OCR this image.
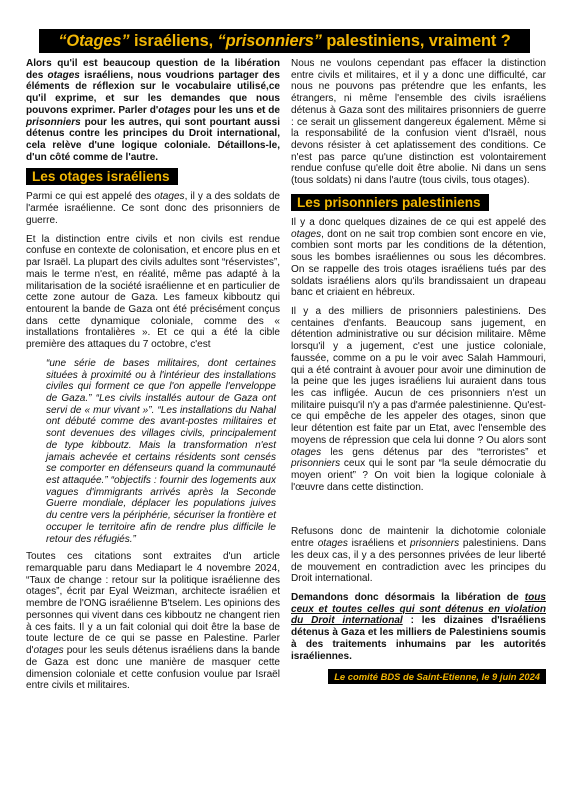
“Otages” israéliens, “prisonniers” palestiniens, vraiment ?

Alors qu'il est beaucoup question de la libération des otages israéliens, nous voudrions partager des éléments de réflexion sur le vocabulaire utilisé,ce qu'il exprime, et sur les demandes que nous pouvons exprimer. Parler d'otages pour les uns et de prisonniers pour les autres, qui sont pourtant aussi détenus contre les principes du Droit international, cela relève d'une logique coloniale. Détaillons-le, d'un côté comme de l'autre.

Les otages israéliens

Parmi ce qui est appelé des otages, il y a des soldats de l'armée israélienne. Ce sont donc des prisonniers de guerre.

Et la distinction entre civils et non civils est rendue confuse en contexte de colonisation, et encore plus en et par Israël. La plupart des civils adultes sont “réservistes”, mais le terme n'est, en réalité, même pas adapté à la militarisation de la société israélienne et en particulier de cette zone autour de Gaza. Les fameux kibboutz qui entourent la bande de Gaza ont été précisément conçus dans cette dynamique coloniale, comme des « installations frontalières ». Et ce qui a été la cible première des attaques du 7 octobre, c'est

“une série de bases militaires, dont certaines situées à proximité ou à l'intérieur des installations civiles qui forment ce que l'on appelle l'enveloppe de Gaza.” “Les civils installés autour de Gaza ont servi de « mur vivant »”. “Les installations du Nahal ont débuté comme des avant-postes militaires et sont devenues des villages civils, principalement de type kibboutz. Mais la transformation n'est jamais achevée et certains résidents sont censés se comporter en défenseurs quand la communauté est attaquée.” “objectifs : fournir des logements aux vagues d'immigrants arrivés après la Seconde Guerre mondiale, déplacer les populations juives du centre vers la périphérie, sécuriser la frontière et occuper le territoire afin de rendre plus difficile le retour des réfugiés.”

Toutes ces citations sont extraites d'un article remarquable paru dans Mediapart le 4 novembre 2024, “Taux de change : retour sur la politique israélienne des otages”, écrit par Eyal Weizman, architecte israélien et membre de l'ONG israélienne B'tselem. Les opinions des personnes qui vivent dans ces kibboutz ne changent rien à ces faits. Il y a un fait colonial qui doit être la base de toute lecture de ce qui se passe en Palestine. Parler d'otages pour les seuls détenus israéliens dans la bande de Gaza est donc une manière de masquer cette dimension coloniale et cette confusion voulue par Israël entre civils et militaires.

Nous ne voulons cependant pas effacer la distinction entre civils et militaires, et il y a donc une difficulté, car nous ne pouvons pas prétendre que les enfants, les étrangers, ni même l'ensemble des civils israéliens détenus à Gaza sont des militaires prisonniers de guerre : ce serait un glissement dangereux également. Même si la responsabilité de la confusion vient d'Israël, nous devons résister à cet aplatissement des conditions. Ce n'est pas parce qu'une distinction est volontairement rendue confuse qu'elle doit être abolie. Ni dans un sens (tous soldats) ni dans l'autre (tous civils, tous otages).

Les prisonniers palestiniens

Il y a donc quelques dizaines de ce qui est appelé des otages, dont on ne sait trop combien sont encore en vie, combien sont morts par les conditions de la détention, sous les bombes israéliennes ou sous les décombres. On se rappelle des trois otages israéliens tués par des soldats israéliens alors qu'ils brandissaient un drapeau banc et criaient en hébreux.

Il y a des milliers de prisonniers palestiniens. Des centaines d'enfants. Beaucoup sans jugement, en détention administrative ou sur décision militaire. Même lorsqu'il y a jugement, c'est une justice coloniale, faussée, comme on a pu le voir avec Salah Hammouri, qui a été contraint à avouer pour avoir une diminution de la peine que les juges israéliens lui auraient dans tous les cas infligée. Aucun de ces prisonniers n'est un militaire puisqu'il n'y a pas d'armée palestinienne. Qu'est-ce qui empêche de les appeler des otages, sinon que leur détention est faite par un Etat, avec l'ensemble des moyens de répression que cela lui donne ? Ou alors sont otages les gens détenus par des “terroristes” et prisonniers ceux qui le sont par “la seule démocratie du moyen orient” ? On voit bien la logique coloniale à l'œuvre dans cette distinction.

Refusons donc de maintenir la dichotomie coloniale entre otages israéliens et prisonniers palestiniens. Dans les deux cas, il y a des personnes privées de leur liberté de mouvement en contradiction avec les principes du Droit international.

Demandons donc désormais la libération de tous ceux et toutes celles qui sont détenus en violation du Droit international : les dizaines d'Israéliens détenus à Gaza et les milliers de Palestiniens soumis à des traitements inhumains par les autorités israéliennes.

Le comité BDS de Saint-Etienne, le 9 juin 2024
